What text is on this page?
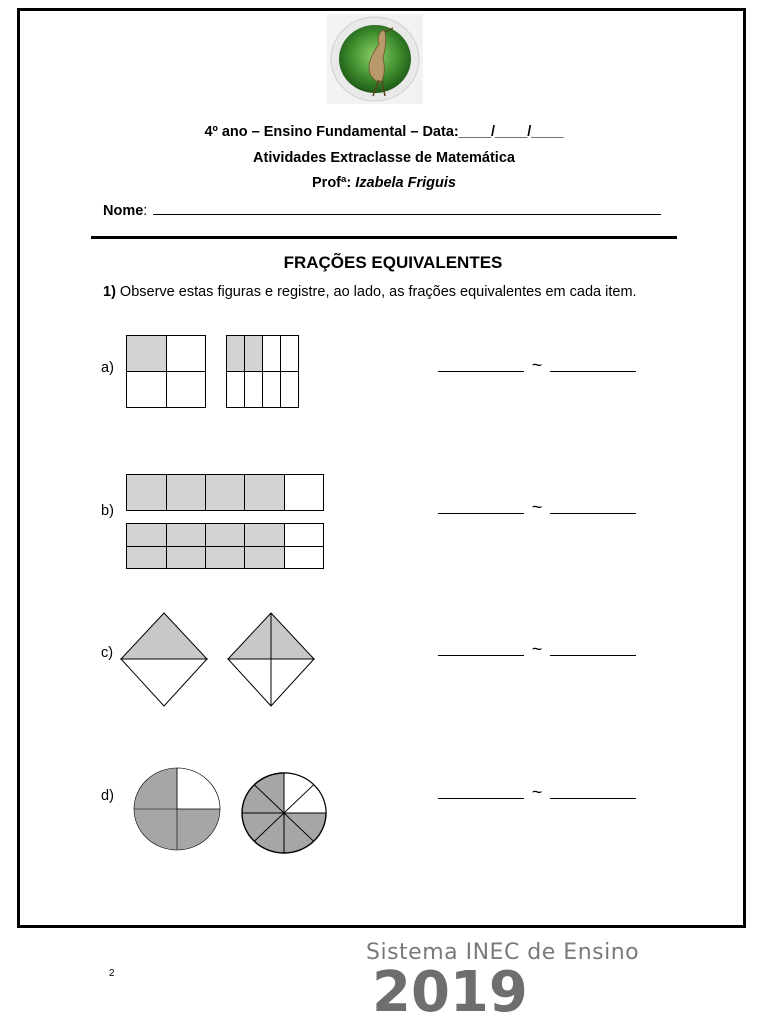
4º ano – Ensino Fundamental – Data:____/____/____
Atividades Extraclasse de Matemática
Profª: Izabela Friguis
Nome:
FRAÇÕES EQUIVALENTES
1) Observe estas figuras e registre, ao lado, as frações equivalentes em cada item.
a)	~
b)	~
c)	~
d)	~
2
Sistema INEC de Ensino
2019
